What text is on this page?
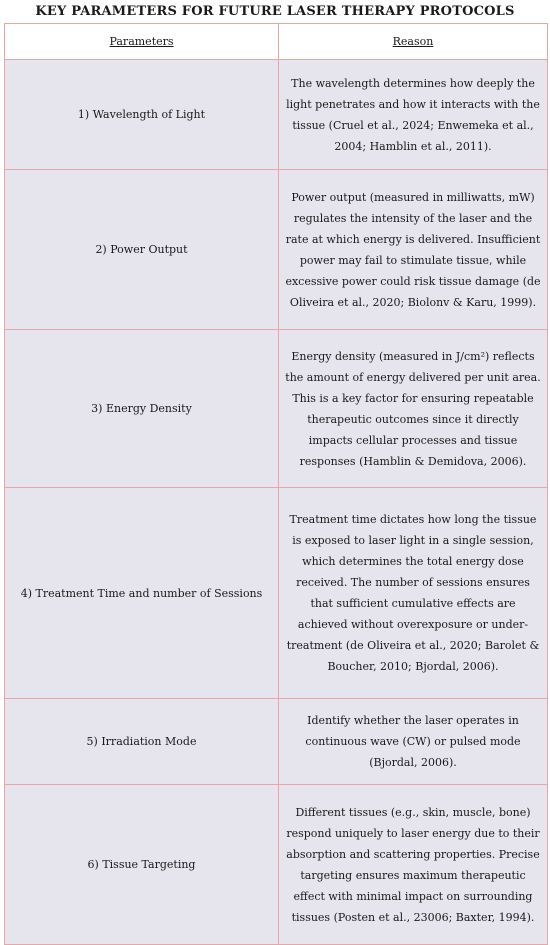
KEY PARAMETERS FOR FUTURE LASER THERAPY PROTOCOLS
Parameters	Reason
1) Wavelength of Light	The wavelength determines how deeply the light penetrates and how it interacts with the tissue (Cruel et al., 2024; Enwemeka et al., 2004; Hamblin et al., 2011).
2) Power Output	Power output (measured in milliwatts, mW) regulates the intensity of the laser and the rate at which energy is delivered. Insufficient power may fail to stimulate tissue, while excessive power could risk tissue damage (de Oliveira et al., 2020; Biolonv & Karu, 1999).
3) Energy Density	Energy density (measured in J/cm²) reflects the amount of energy delivered per unit area. This is a key factor for ensuring repeatable therapeutic outcomes since it directly impacts cellular processes and tissue responses (Hamblin & Demidova, 2006).
4) Treatment Time and number of Sessions	Treatment time dictates how long the tissue is exposed to laser light in a single session, which determines the total energy dose received. The number of sessions ensures that sufficient cumulative effects are achieved without overexposure or under-treatment (de Oliveira et al., 2020; Barolet & Boucher, 2010; Bjordal, 2006).
5) Irradiation Mode	Identify whether the laser operates in continuous wave (CW) or pulsed mode (Bjordal, 2006).
6) Tissue Targeting	Different tissues (e.g., skin, muscle, bone) respond uniquely to laser energy due to their absorption and scattering properties. Precise targeting ensures maximum therapeutic effect with minimal impact on surrounding tissues (Posten et al., 23006; Baxter, 1994).
